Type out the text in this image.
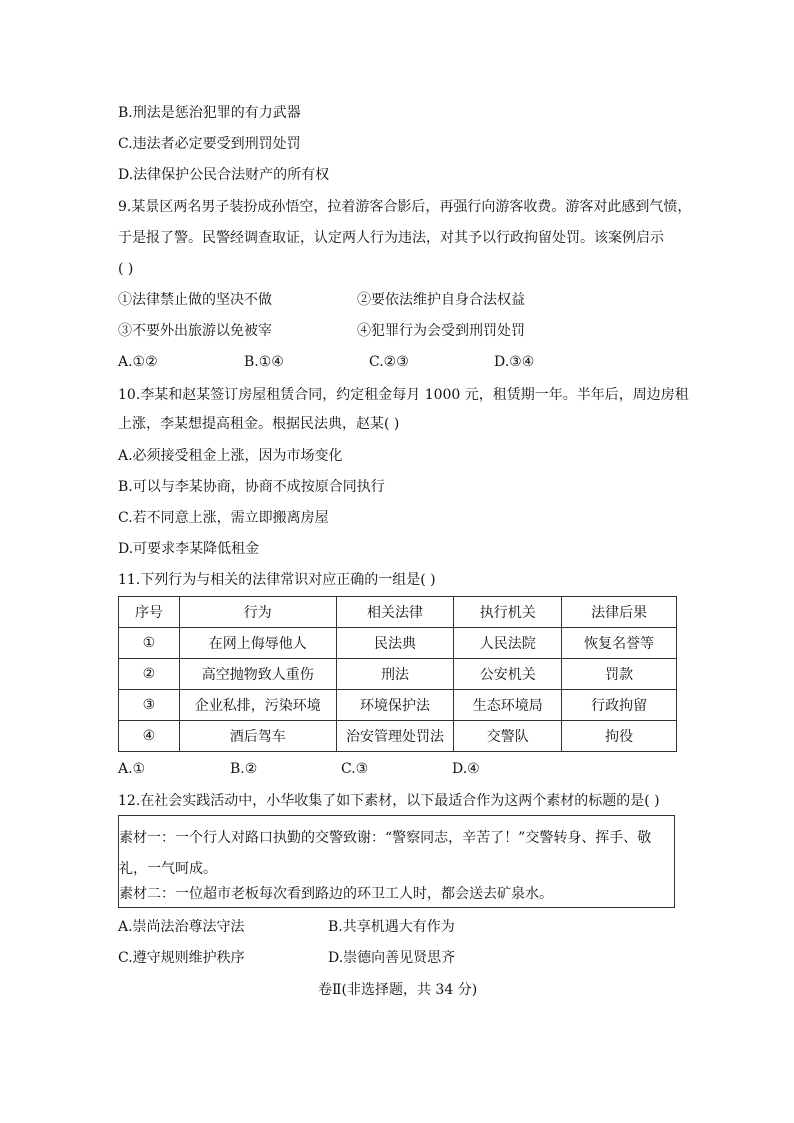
B.刑法是惩治犯罪的有力武器
C.违法者必定要受到刑罚处罚
D.法律保护公民合法财产的所有权
9.某景区两名男子装扮成孙悟空，拉着游客合影后，再强行向游客收费。游客对此感到气愤，
于是报了警。民警经调查取证，认定两人行为违法，对其予以行政拘留处罚。该案例启示
( )
①法律禁止做的坚决不做	②要依法维护自身合法权益
③不要外出旅游以免被宰	④犯罪行为会受到刑罚处罚
A.①②	B.①④	C.②③	D.③④
10.李某和赵某签订房屋租赁合同，约定租金每月 1000 元，租赁期一年。半年后，周边房租
上涨，李某想提高租金。根据民法典，赵某( )
A.必须接受租金上涨，因为市场变化
B.可以与李某协商，协商不成按原合同执行
C.若不同意上涨，需立即搬离房屋
D.可要求李某降低租金
11.下列行为与相关的法律常识对应正确的一组是( )
序号	行为	相关法律	执行机关	法律后果
①	在网上侮辱他人	民法典	人民法院	恢复名誉等
②	高空抛物致人重伤	刑法	公安机关	罚款
③	企业私排，污染环境	环境保护法	生态环境局	行政拘留
④	酒后驾车	治安管理处罚法	交警队	拘役
A.①	B.②	C.③	D.④
12.在社会实践活动中，小华收集了如下素材，以下最适合作为这两个素材的标题的是( )
素材一：一个行人对路口执勤的交警致谢：“警察同志，辛苦了！”交警转身、挥手、敬礼，一气呵成。
素材二：一位超市老板每次看到路边的环卫工人时，都会送去矿泉水。
A.崇尚法治尊法守法	B.共享机遇大有作为
C.遵守规则维护秩序	D.崇德向善见贤思齐
卷Ⅱ(非选择题，共 34 分)
